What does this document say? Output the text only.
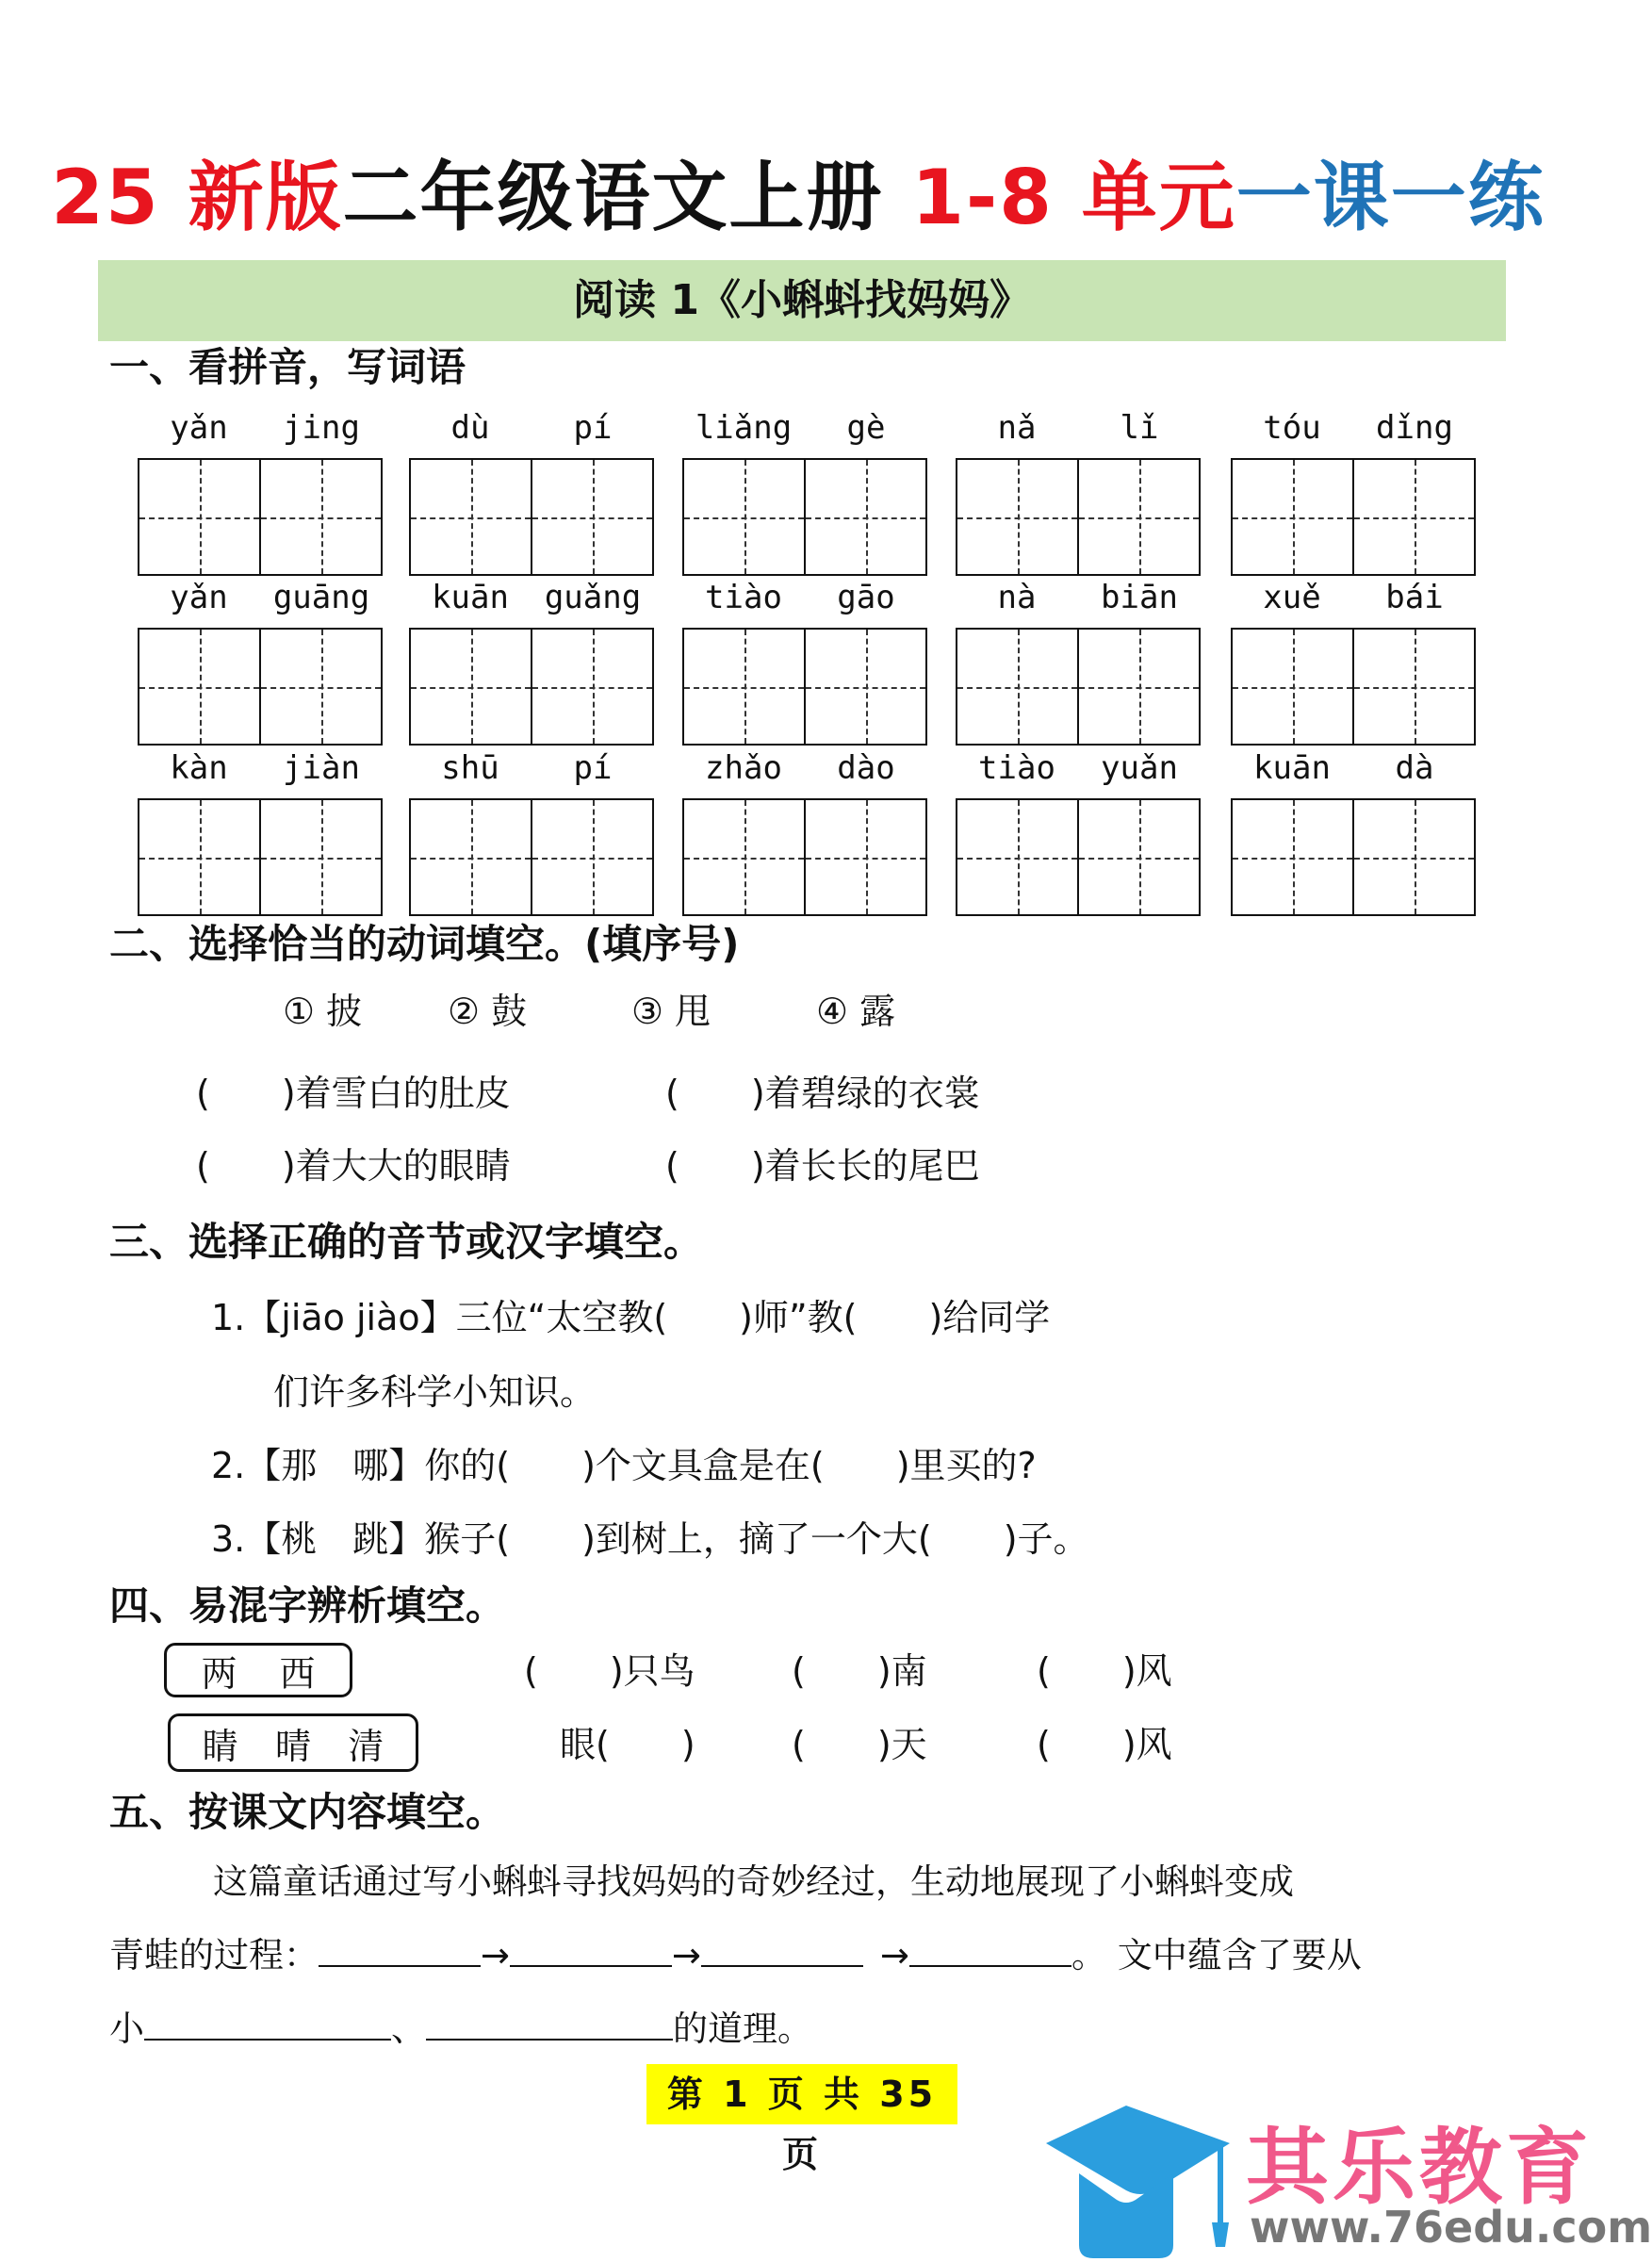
25 新版二年级语文上册 1-8 单元一课一练
阅读 1《小蝌蚪找妈妈》
一、看拼音，写词语
yǎn	jing	dù	pí	liǎng	gè	nǎ	lǐ	tóu	dǐng
yǎn	guāng	kuān	guǎng	tiào	gāo	nà	biān	xuě	bái
kàn	jiàn	shū	pí	zhǎo	dào	tiào	yuǎn	kuān	dà
二、选择恰当的动词填空。(填序号)
① 披 ② 鼓	③ 甩	④ 露
(　　)着雪白的肚皮	(　　)着碧绿的衣裳
(　　)着大大的眼睛	(　　)着长长的尾巴
三、选择正确的音节或汉字填空。
1.【jiāo jiào】三位“太空教(　　)师”教(　　)给同学
们许多科学小知识。
2.【那　哪】你的(　　)个文具盒是在(　　)里买的?
3.【桃　跳】猴子(　　)到树上，摘了一个大(　　)子。
四、易混字辨析填空。
两 西	(　　)只鸟	(　　)南	(　　)风
睛 晴 清	眼(　　)	(　　)天	(　　)风
五、按课文内容填空。
这篇童话通过写小蝌蚪寻找妈妈的奇妙经过，生动地展现了小蝌蚪变成
青蛙的过程：	→	→	→	。 文中蕴含了要从
小	、	的道理。
第 1 页 共 35 页	其乐教育
www.76edu.com
